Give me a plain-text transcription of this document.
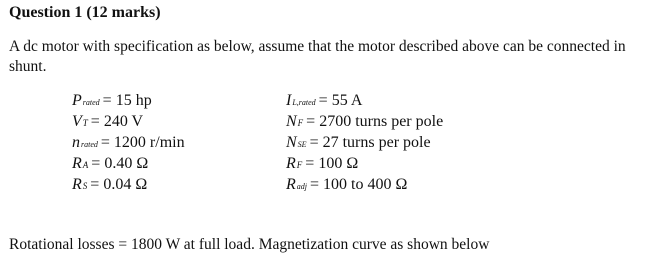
Question 1 (12 marks)
A dc motor with specification as below, assume that the motor described above can be connected in shunt.
P rated = 15 hp
V T = 240 V
n rated = 1200 r/min
R A = 0.40 Ω
R S = 0.04 Ω
I L,rated = 55 A
N F = 2700 turns per pole
N SE = 27 turns per pole
R F = 100 Ω
R adj = 100 to 400 Ω
Rotational losses = 1800 W at full load. Magnetization curve as shown below
